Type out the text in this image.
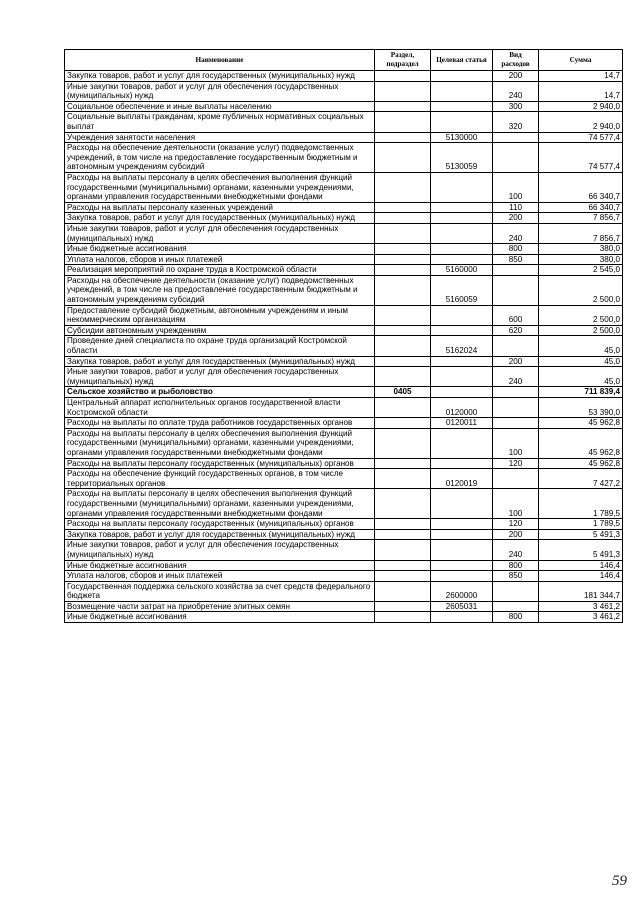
Наименование	Раздел, подраздел	Целевая статья	Вид расходов	Сумма
Закупка товаров, работ и услуг для государственных (муниципальных) нужд			200	14,7
Иные закупки товаров, работ и услуг для обеспечения государственных (муниципальных) нужд			240	14,7
Социальное обеспечение и иные выплаты населению			300	2 940,0
Социальные выплаты гражданам, кроме публичных нормативных социальных выплат			320	2 940,0
Учреждения занятости населения		5130000		74 577,4
Расходы на обеспечение деятельности (оказание услуг) подведомственных учреждений, в том числе на предоставление государственным бюджетным и автономным учреждениям субсидий		5130059		74 577,4
Расходы на выплаты персоналу в целях обеспечения выполнения функций государственными (муниципальными) органами, казенными учреждениями, органами управления государственными внебюджетными фондами			100	66 340,7
Расходы на выплаты персоналу казенных учреждений			110	66 340,7
Закупка товаров, работ и услуг для государственных (муниципальных) нужд			200	7 856,7
Иные закупки товаров, работ и услуг для обеспечения государственных (муниципальных) нужд			240	7 856,7
Иные бюджетные ассигнования			800	380,0
Уплата налогов, сборов и иных платежей			850	380,0
Реализация мероприятий по охране труда в Костромской области		5160000		2 545,0
Расходы на обеспечение деятельности (оказание услуг) подведомственных учреждений, в том числе на предоставление государственным бюджетным и автономным учреждениям субсидий		5160059		2 500,0
Предоставление субсидий бюджетным, автономным учреждениям и иным некоммерческим организациям			600	2 500,0
Субсидии автономным учреждениям			620	2 500,0
Проведение дней специалиста по охране труда организаций Костромской области		5162024		45,0
Закупка товаров, работ и услуг для государственных (муниципальных) нужд			200	45,0
Иные закупки товаров, работ и услуг для обеспечения государственных (муниципальных) нужд			240	45,0
Сельское хозяйство и рыболовство	0405			711 839,4
Центральный аппарат исполнительных органов государственной власти Костромской области		0120000		53 390,0
Расходы на выплаты по оплате труда работников государственных органов		0120011		45 962,8
Расходы на выплаты персоналу в целях обеспечения выполнения функций государственными (муниципальными) органами, казенными учреждениями, органами управления государственными внебюджетными фондами			100	45 962,8
Расходы на выплаты персоналу государственных (муниципальных) органов			120	45 962,8
Расходы на обеспечение функций государственных органов, в том числе территориальных органов		0120019		7 427,2
Расходы на выплаты персоналу в целях обеспечения выполнения функций государственными (муниципальными) органами, казенными учреждениями, органами управления государственными внебюджетными фондами			100	1 789,5
Расходы на выплаты персоналу государственных (муниципальных) органов			120	1 789,5
Закупка товаров, работ и услуг для государственных (муниципальных) нужд			200	5 491,3
Иные закупки товаров, работ и услуг для обеспечения государственных (муниципальных) нужд			240	5 491,3
Иные бюджетные ассигнования			800	146,4
Уплата налогов, сборов и иных платежей			850	146,4
Государственная поддержка сельского хозяйства за счет средств федерального бюджета		2600000		181 344,7
Возмещение части затрат на приобретение элитных семян		2605031		3 461,2
Иные бюджетные ассигнования			800	3 461,2
59
